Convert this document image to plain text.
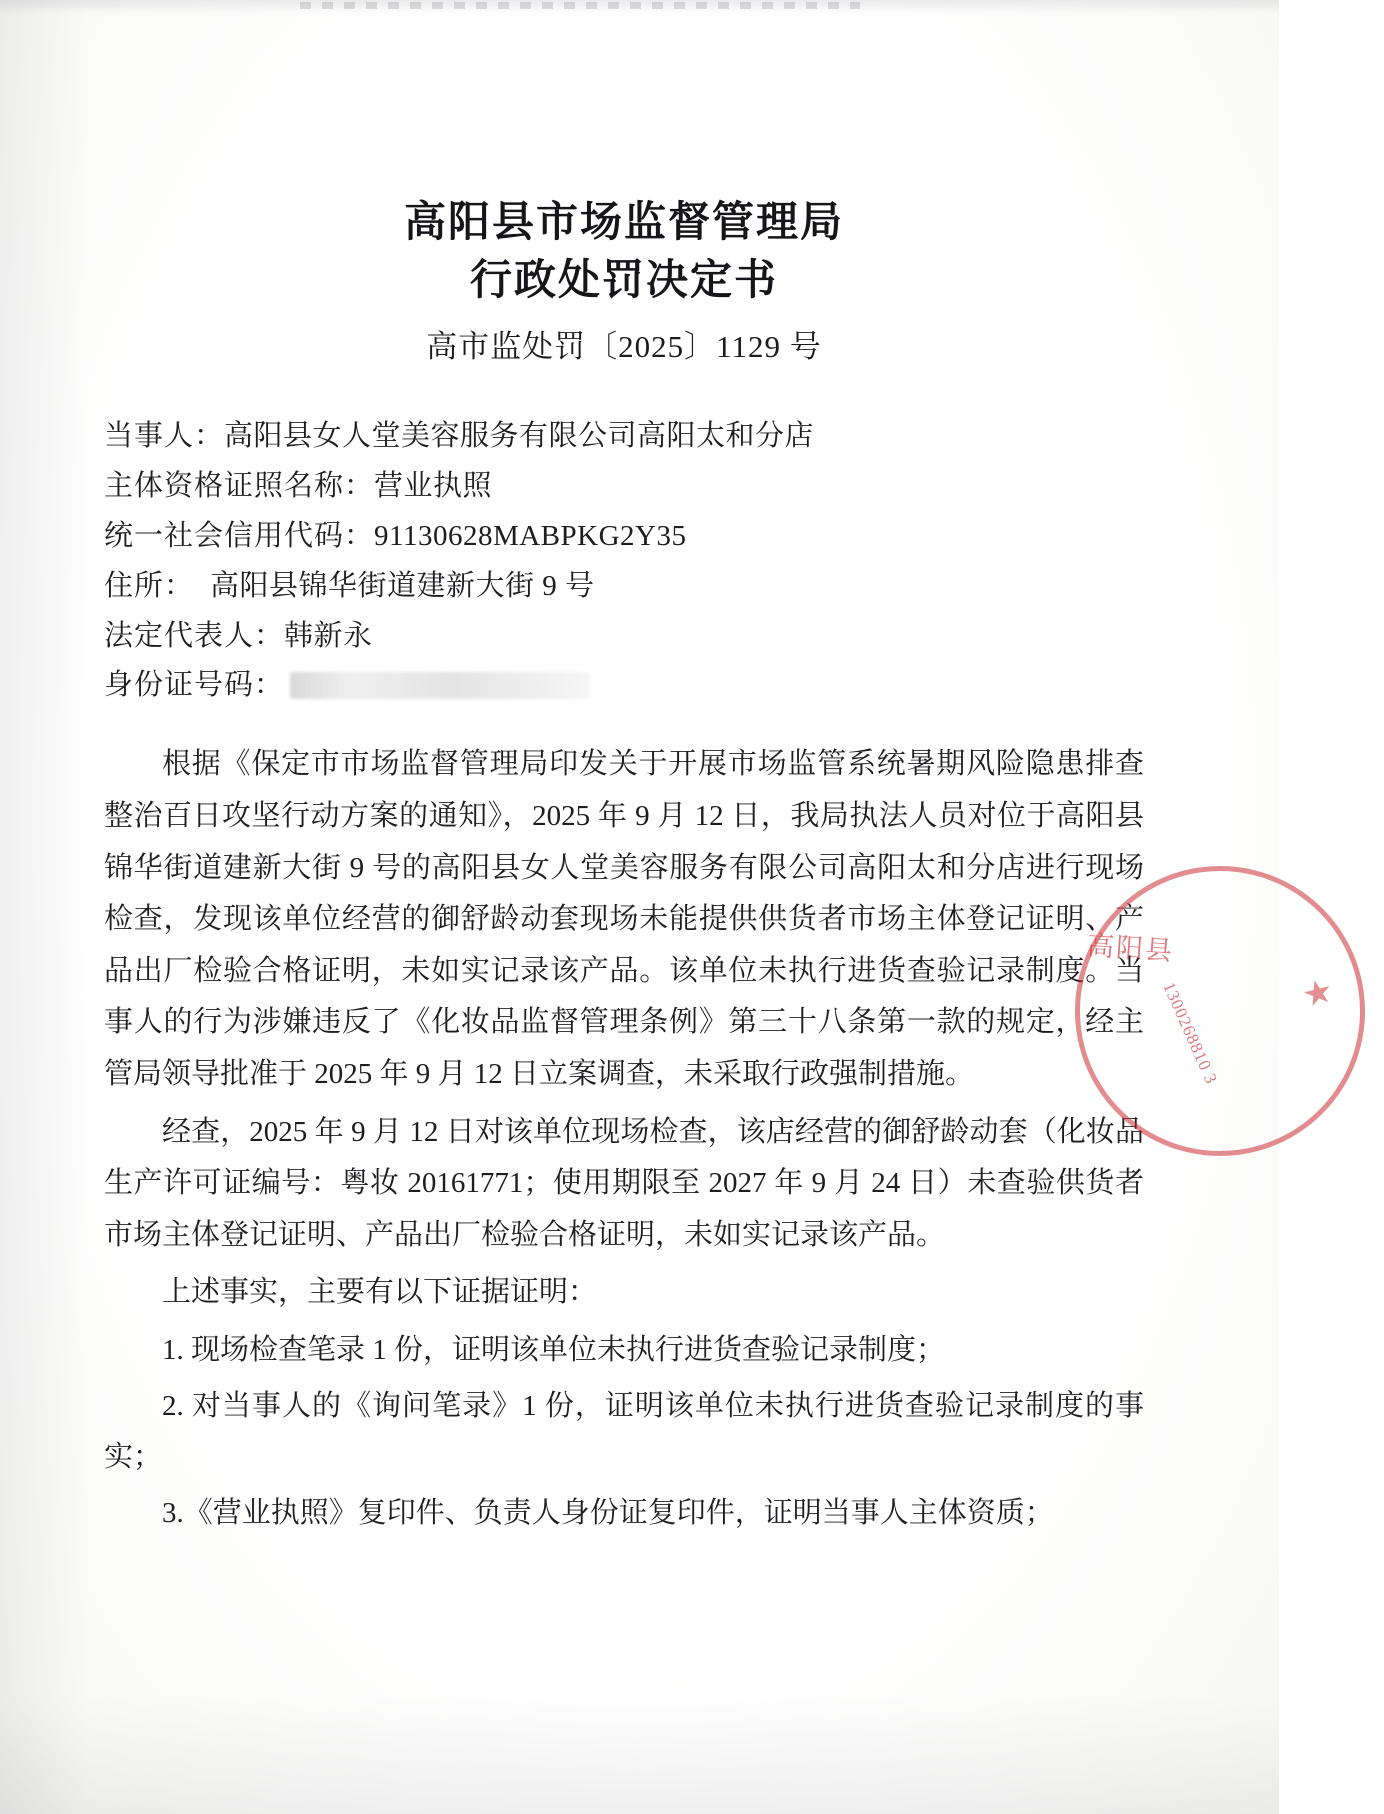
高阳县市场监督管理局
行政处罚决定书
高市监处罚〔2025〕1129 号
当事人：高阳县女人堂美容服务有限公司高阳太和分店
主体资格证照名称：营业执照
统一社会信用代码：91130628MABPKG2Y35
住所： 高阳县锦华街道建新大街 9 号
法定代表人：韩新永
身份证号码：

根据《保定市市场监督管理局印发关于开展市场监管系统暑期风险隐患排查整治百日攻坚行动方案的通知》，2025 年 9 月 12 日，我局执法人员对位于高阳县锦华街道建新大街 9 号的高阳县女人堂美容服务有限公司高阳太和分店进行现场检查，发现该单位经营的御舒龄动套现场未能提供供货者市场主体登记证明、产品出厂检验合格证明，未如实记录该产品。该单位未执行进货查验记录制度。当事人的行为涉嫌违反了《化妆品监督管理条例》第三十八条第一款的规定，经主管局领导批准于 2025 年 9 月 12 日立案调查，未采取行政强制措施。

经查，2025 年 9 月 12 日对该单位现场检查，该店经营的御舒龄动套（化妆品生产许可证编号：粤妆 20161771；使用期限至 2027 年 9 月 24 日）未查验供货者市场主体登记证明、产品出厂检验合格证明，未如实记录该产品。

上述事实，主要有以下证据证明：

1. 现场检查笔录 1 份，证明该单位未执行进货查验记录制度；

2. 对当事人的《询问笔录》1 份，证明该单位未执行进货查验记录制度的事实；

3.《营业执照》复印件、负责人身份证复印件，证明当事人主体资质；

高阳县
1300268810 3 ★
